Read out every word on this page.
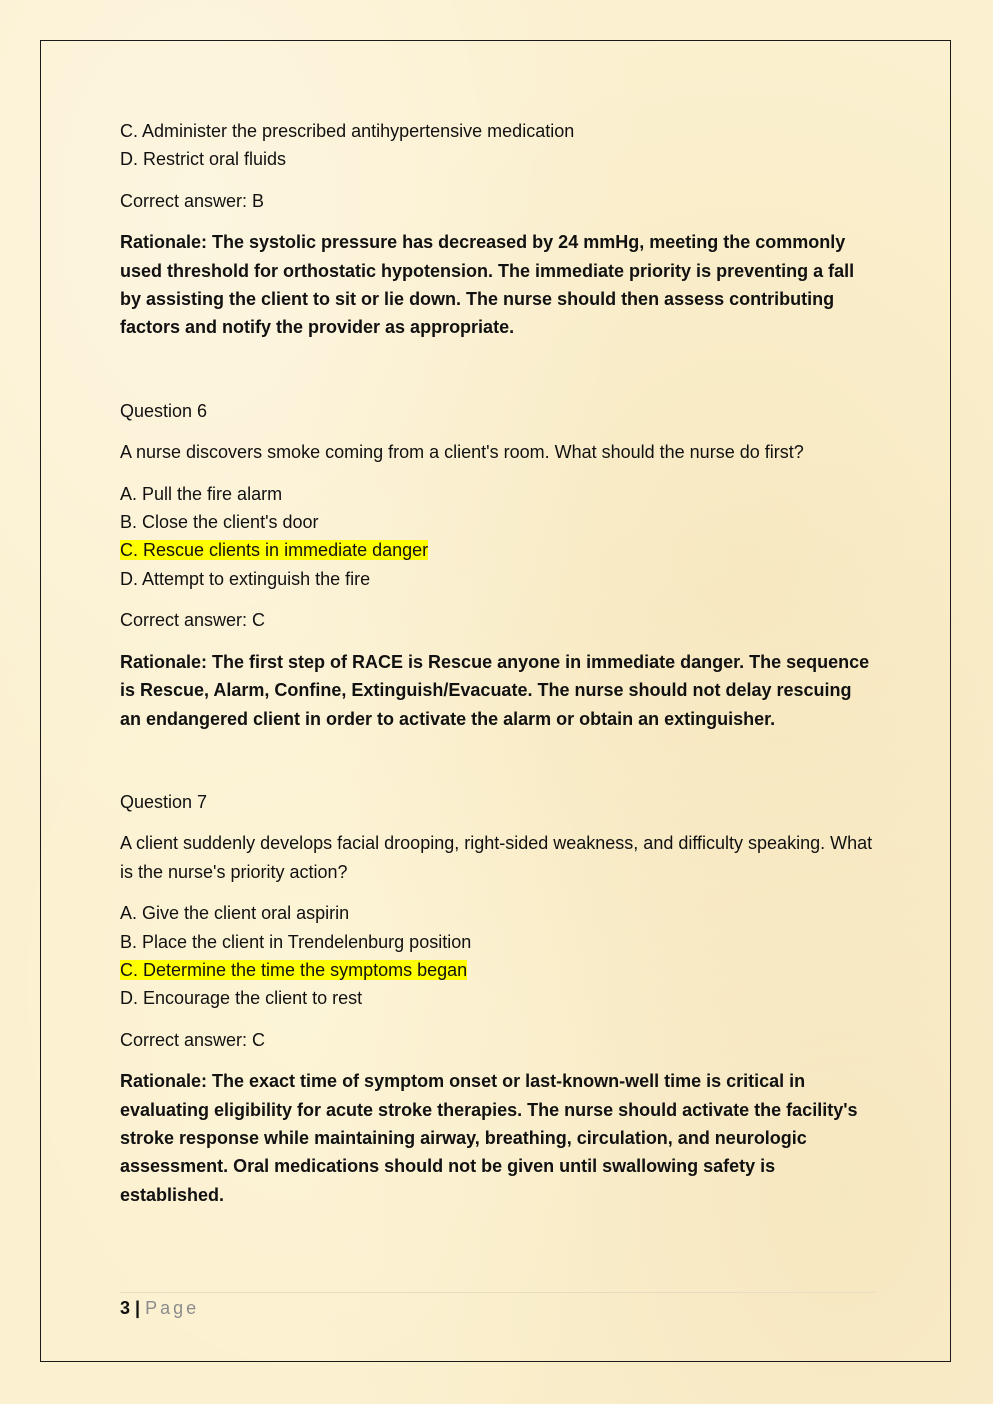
C. Administer the prescribed antihypertensive medication

D. Restrict oral fluids

Correct answer: B

Rationale: The systolic pressure has decreased by 24 mmHg, meeting the commonly used threshold for orthostatic hypotension. The immediate priority is preventing a fall by assisting the client to sit or lie down. The nurse should then assess contributing factors and notify the provider as appropriate.

Question 6

A nurse discovers smoke coming from a client's room. What should the nurse do first?

A. Pull the fire alarm

B. Close the client's door

C. Rescue clients in immediate danger

D. Attempt to extinguish the fire

Correct answer: C

Rationale: The first step of RACE is Rescue anyone in immediate danger. The sequence is Rescue, Alarm, Confine, Extinguish/Evacuate. The nurse should not delay rescuing an endangered client in order to activate the alarm or obtain an extinguisher.

Question 7

A client suddenly develops facial drooping, right-sided weakness, and difficulty speaking. What is the nurse's priority action?

A. Give the client oral aspirin

B. Place the client in Trendelenburg position

C. Determine the time the symptoms began

D. Encourage the client to rest

Correct answer: C

Rationale: The exact time of symptom onset or last-known-well time is critical in evaluating eligibility for acute stroke therapies. The nurse should activate the facility's stroke response while maintaining airway, breathing, circulation, and neurologic assessment. Oral medications should not be given until swallowing safety is established.

3 | Page
